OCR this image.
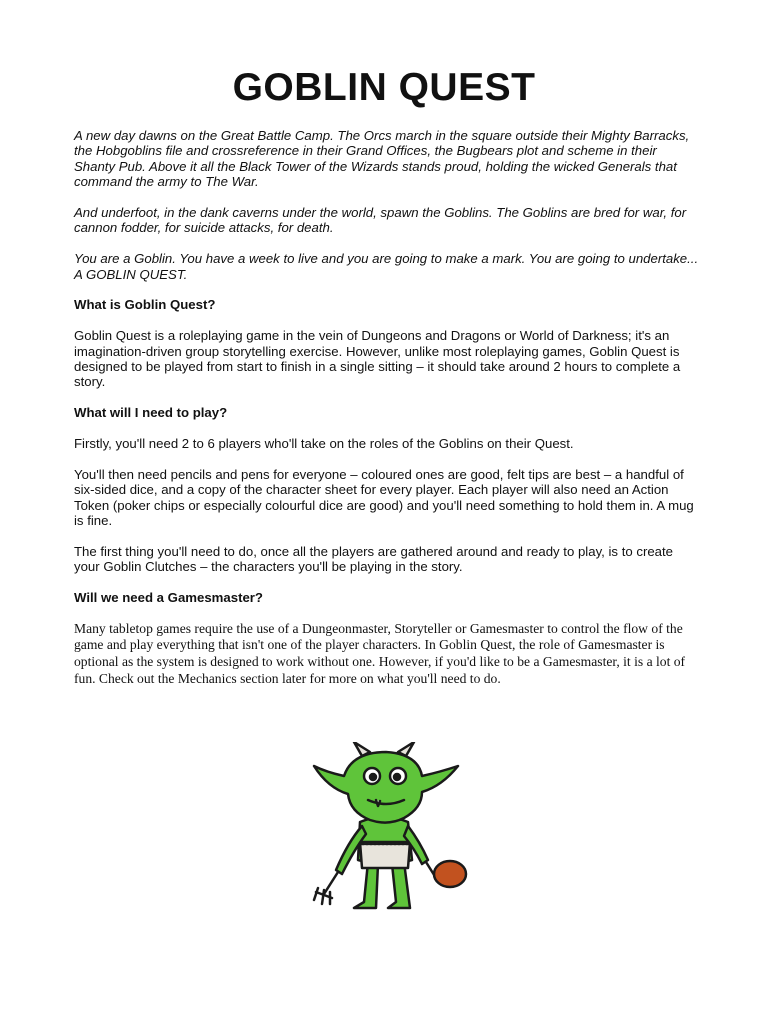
GOBLIN QUEST

A new day dawns on the Great Battle Camp. The Orcs march in the square outside their Mighty Barracks, the Hobgoblins file and crossreference in their Grand Offices, the Bugbears plot and scheme in their Shanty Pub. Above it all the Black Tower of the Wizards stands proud, holding the wicked Generals that command the army to The War.

And underfoot, in the dank caverns under the world, spawn the Goblins. The Goblins are bred for war, for cannon fodder, for suicide attacks, for death.

You are a Goblin. You have a week to live and you are going to make a mark. You are going to undertake... A GOBLIN QUEST.

What is Goblin Quest?

Goblin Quest is a roleplaying game in the vein of Dungeons and Dragons or World of Darkness; it's an imagination-driven group storytelling exercise. However, unlike most roleplaying games, Goblin Quest is designed to be played from start to finish in a single sitting – it should take around 2 hours to complete a story.

What will I need to play?

Firstly, you'll need 2 to 6 players who'll take on the roles of the Goblins on their Quest.

You'll then need pencils and pens for everyone – coloured ones are good, felt tips are best – a handful of six-sided dice, and a copy of the character sheet for every player. Each player will also need an Action Token (poker chips or especially colourful dice are good) and you'll need something to hold them in. A mug is fine.

The first thing you'll need to do, once all the players are gathered around and ready to play, is to create your Goblin Clutches – the characters you'll be playing in the story.

Will we need a Gamesmaster?

Many tabletop games require the use of a Dungeonmaster, Storyteller or Gamesmaster to control the flow of the game and play everything that isn't one of the player characters. In Goblin Quest, the role of Gamesmaster is optional as the system is designed to work without one. However, if you'd like to be a Gamesmaster, it is a lot of fun. Check out the Mechanics section later for more on what you'll need to do.
